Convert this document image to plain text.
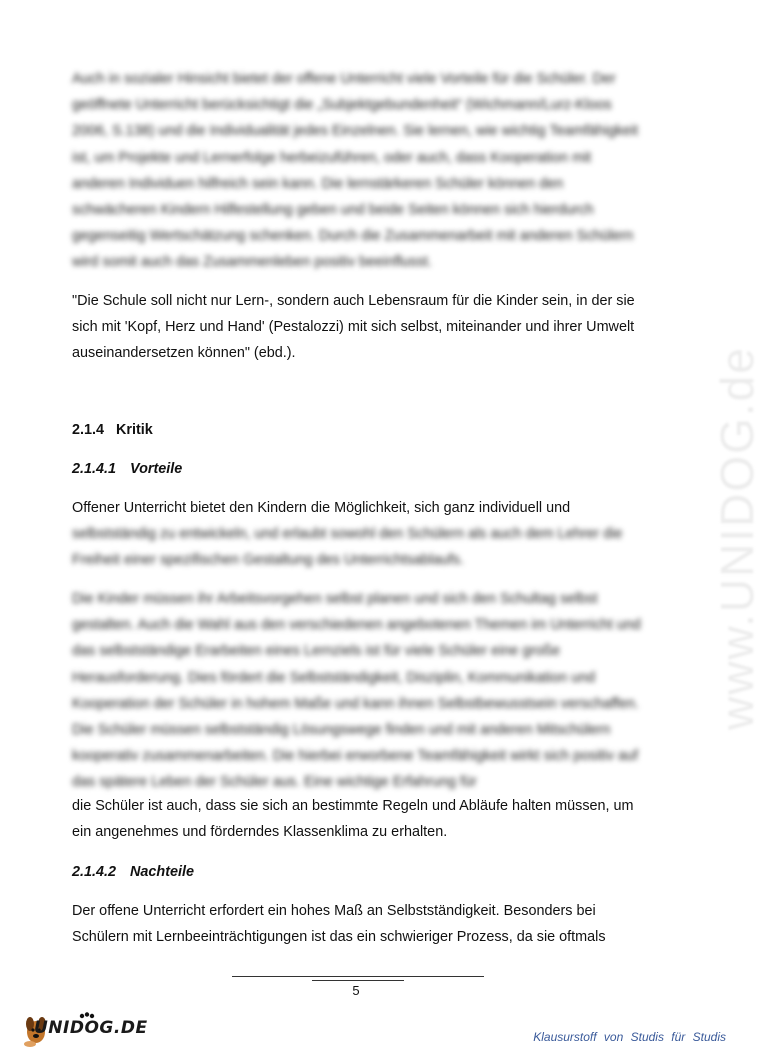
www.UNIDOG.de

Auch in sozialer Hinsicht bietet der offene Unterricht viele Vorteile für die Schüler. Der geöffnete Unterricht berücksichtigt die „Subjektgebundenheit“ (Wichmann/Lurz-Kloos 2006, S.138) und die Individualität jedes Einzelnen. Sie lernen, wie wichtig Teamfähigkeit ist, um Projekte und Lernerfolge herbeizuführen, oder auch, dass Kooperation mit anderen Individuen hilfreich sein kann. Die lernstärkeren Schüler können den schwächeren Kindern Hilfestellung geben und beide Seiten können sich hierdurch gegenseitig Wertschätzung schenken. Durch die Zusammenarbeit mit anderen Schülern wird somit auch das Zusammenleben positiv beeinflusst.

"Die Schule soll nicht nur Lern-, sondern auch Lebensraum für die Kinder sein, in der sie sich mit 'Kopf, Herz und Hand' (Pestalozzi) mit sich selbst, miteinander und ihrer Umwelt auseinandersetzen können" (ebd.).

2.1.4 Kritik
2.1.4.1 Vorteile

Offener Unterricht bietet den Kindern die Möglichkeit, sich ganz individuell und

selbstständig zu entwickeln, und erlaubt sowohl den Schülern als auch dem Lehrer die Freiheit einer spezifischen Gestaltung des Unterrichtsablaufs.

Die Kinder müssen ihr Arbeitsvorgehen selbst planen und sich den Schultag selbst gestalten. Auch die Wahl aus den verschiedenen angebotenen Themen im Unterricht und das selbstständige Erarbeiten eines Lernziels ist für viele Schüler eine große Herausforderung. Dies fördert die Selbstständigkeit, Disziplin, Kommunikation und Kooperation der Schüler in hohem Maße und kann ihnen Selbstbewusstsein verschaffen. Die Schüler müssen selbstständig Lösungswege finden und mit anderen Mitschülern kooperativ zusammenarbeiten. Die hierbei erworbene Teamfähigkeit wirkt sich positiv auf das spätere Leben der Schüler aus. Eine wichtige Erfahrung für

die Schüler ist auch, dass sie sich an bestimmte Regeln und Abläufe halten müssen, um ein angenehmes und förderndes Klassenklima zu erhalten.

2.1.4.2 Nachteile

Der offene Unterricht erfordert ein hohes Maß an Selbstständigkeit. Besonders bei Schülern mit Lernbeeinträchtigungen ist das ein schwieriger Prozess, da sie oftmals

5
UNIDOG.DE	Klausurstoff von Studis für Studis
